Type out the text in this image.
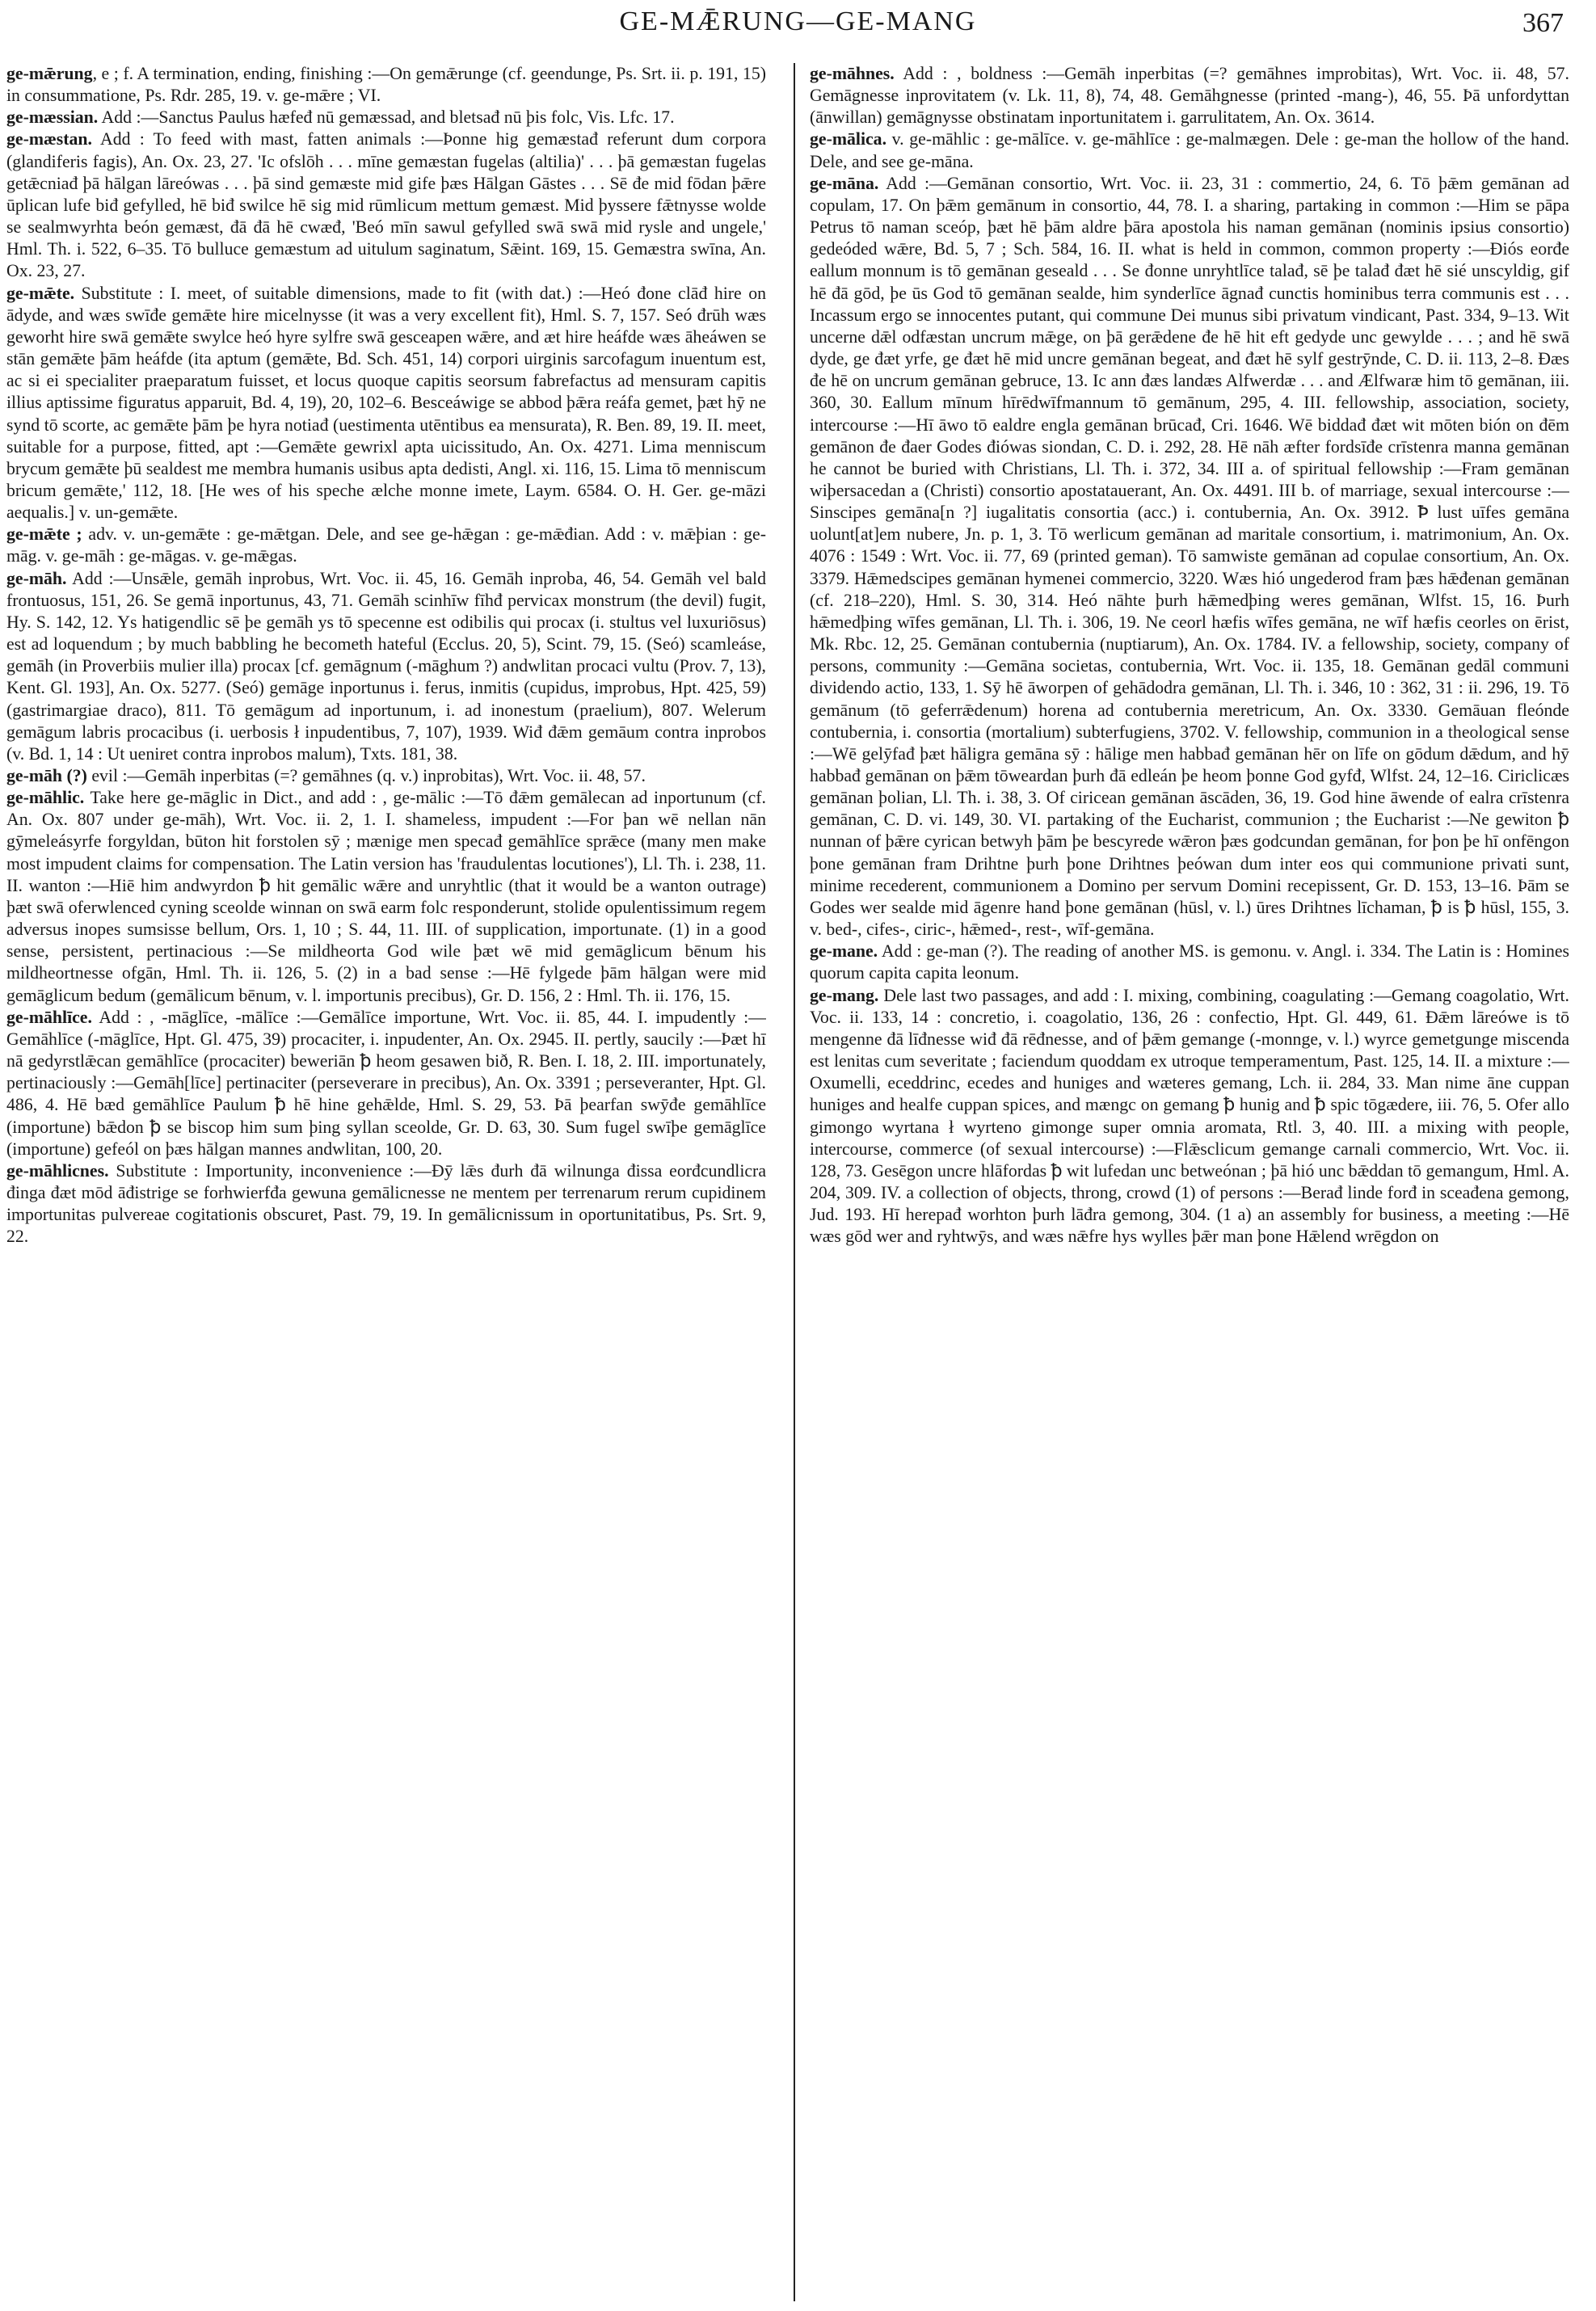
GE-MǢRUNG—GE-MANG	367

ge-mǣrung, e ; f. A termination, ending, finishing :—On gemǣrunge (cf. geendunge, Ps. Srt. ii. p. 191, 15) in consummatione, Ps. Rdr. 285, 19. v. ge-mǣre ; VI.

ge-mæssian. Add :—Sanctus Paulus hæfeđ nū gemæssad, and bletsađ nū þis folc, Vis. Lfc. 17.

ge-mæstan. Add : To feed with mast, fatten animals :—Þonne hig gemæstađ referunt dum corpora (glandiferis fagis), An. Ox. 23, 27. 'Ic ofslōh . . . mīne gemæstan fugelas (altilia)' . . . þā gemæstan fugelas getǣcniađ þā hālgan lāreówas . . . þā sind gemæste mid gife þæs Hālgan Gāstes . . . Sē đe mid fōdan þǣre ūplican lufe biđ gefylled, hē biđ swilce hē sig mid rūmlicum mettum gemæst. Mid þyssere fǣtnysse wolde se sealmwyrhta beón gemæst, đā đā hē cwæđ, 'Beó mīn sawul gefylled swā swā mid rysle and ungele,' Hml. Th. i. 522, 6–35. Tō bulluce gemæstum ad uitulum saginatum, Sǣint. 169, 15. Gemæstra swīna, An. Ox. 23, 27.

ge-mǣte. Substitute : I. meet, of suitable dimensions, made to fit (with dat.) :—Heó đone clāđ hire on ādyde, and wæs swīđe gemǣte hire micelnysse (it was a very excellent fit), Hml. S. 7, 157. Seó đrūh wæs geworht hire swā gemǣte swylce heó hyre sylfre swā gesceapen wǣre, and æt hire heáfde wæs āheáwen se stān gemǣte þām heáfde (ita aptum (gemǣte, Bd. Sch. 451, 14) corpori uirginis sarcofagum inuentum est, ac si ei specialiter praeparatum fuisset, et locus quoque capitis seorsum fabrefactus ad mensuram capitis illius aptissime figuratus apparuit, Bd. 4, 19), 20, 102–6. Besceáwige se abbod þǣra reáfa gemet, þæt hȳ ne synd tō scorte, ac gemǣte þām þe hyra notiađ (uestimenta utēntibus ea mensurata), R. Ben. 89, 19. II. meet, suitable for a purpose, fitted, apt :—Gemǣte gewrixl apta uicissitudo, An. Ox. 4271. Lima menniscum brycum gemǣte þū sealdest me membra humanis usibus apta dedisti, Angl. xi. 116, 15. Lima tō menniscum bricum gemǣte,' 112, 18. [He wes of his speche ælche monne imete, Laym. 6584. O. H. Ger. ge-māzi aequalis.] v. un-gemǣte.

ge-mǣte ; adv. v. un-gemǣte : ge-mǣtgan. Dele, and see ge-hǣgan : ge-mǣđian. Add : v. mǣþian : ge-māg. v. ge-māh : ge-māgas. v. ge-mǣgas.

ge-māh. Add :—Unsǣle, gemāh inprobus, Wrt. Voc. ii. 45, 16. Gemāh inproba, 46, 54. Gemāh vel bald frontuosus, 151, 26. Se gemā inportunus, 43, 71. Gemāh scinhīw fīhđ pervicax monstrum (the devil) fugit, Hy. S. 142, 12. Ys hatigendlic sē þe gemāh ys tō specenne est odibilis qui procax (i. stultus vel luxuriōsus) est ad loquendum ; by much babbling he becometh hateful (Ecclus. 20, 5), Scint. 79, 15. (Seó) scamleáse, gemāh (in Proverbiis mulier illa) procax [cf. gemāgnum (-māghum ?) andwlitan procaci vultu (Prov. 7, 13), Kent. Gl. 193], An. Ox. 5277. (Seó) gemāge inportunus i. ferus, inmitis (cupidus, improbus, Hpt. 425, 59) (gastrimargiae draco), 811. Tō gemāgum ad inportunum, i. ad inonestum (praelium), 807. Welerum gemāgum labris procacibus (i. uerbosis ł inpudentibus, 7, 107), 1939. Wiđ đǣm gemāum contra inprobos (v. Bd. 1, 14 : Ut ueniret contra inprobos malum), Txts. 181, 38.

ge-māh (?) evil :—Gemāh inperbitas (=? gemāhnes (q. v.) inprobitas), Wrt. Voc. ii. 48, 57.

ge-māhlic. Take here ge-māglic in Dict., and add : , ge-mālic :—Tō đǣm gemālecan ad inportunum (cf. An. Ox. 807 under ge-māh), Wrt. Voc. ii. 2, 1. I. shameless, impudent :—For þan wē nellan nān gȳmeleásyrfe forgyldan, būton hit forstolen sȳ ; mænige men specađ gemāhlīce sprǣce (many men make most impudent claims for compensation. The Latin version has 'fraudulentas locutiones'), Ll. Th. i. 238, 11. II. wanton :—Hiē him andwyrdon ꝥ hit gemālic wǣre and unryhtlic (that it would be a wanton outrage) þæt swā oferwlenced cyning sceolde winnan on swā earm folc responderunt, stolide opulentissimum regem adversus inopes sumsisse bellum, Ors. 1, 10 ; S. 44, 11. III. of supplication, importunate. (1) in a good sense, persistent, pertinacious :—Se mildheorta God wile þæt wē mid gemāglicum bēnum his mildheortnesse ofgān, Hml. Th. ii. 126, 5. (2) in a bad sense :—Hē fylgede þām hālgan were mid gemāglicum bedum (gemālicum bēnum, v. l. importunis precibus), Gr. D. 156, 2 : Hml. Th. ii. 176, 15.

ge-māhlīce. Add : , -māglīce, -mālīce :—Gemālīce importune, Wrt. Voc. ii. 85, 44. I. impudently :—Gemāhlīce (-māglīce, Hpt. Gl. 475, 39) procaciter, i. inpudenter, An. Ox. 2945. II. pertly, saucily :—Þæt hī nā gedyrstlǣcan gemāhlīce (procaciter) beweriān ꝥ heom gesawen bið, R. Ben. I. 18, 2. III. importunately, pertinaciously :—Gemāh[līce] pertinaciter (perseverare in precibus), An. Ox. 3391 ; perseveranter, Hpt. Gl. 486, 4. Hē bæd gemāhlīce Paulum ꝥ hē hine gehǣlde, Hml. S. 29, 53. Þā þearfan swȳđe gemāhlīce (importune) bǣdon ꝥ se biscop him sum þing syllan sceolde, Gr. D. 63, 30. Sum fugel swīþe gemāglīce (importune) gefeól on þæs hālgan mannes andwlitan, 100, 20.

ge-māhlicnes. Substitute : Importunity, inconvenience :—Ðȳ lǣs đurh đā wilnunga đissa eorđcundlicra đinga đæt mōd āđistrige se forhwierfđa gewuna gemālicnesse ne mentem per terrenarum rerum cupidinem importunitas pulvereae cogitationis obscuret, Past. 79, 19. In gemālicnissum in oportunitatibus, Ps. Srt. 9, 22.

ge-māhnes. Add : , boldness :—Gemāh inperbitas (=? gemāhnes improbitas), Wrt. Voc. ii. 48, 57. Gemāgnesse inprovitatem (v. Lk. 11, 8), 74, 48. Gemāhgnesse (printed -mang-), 46, 55. Þā unfordyttan (ānwillan) gemāgnysse obstinatam inportunitatem i. garrulitatem, An. Ox. 3614.

ge-mālica. v. ge-māhlic : ge-mālīce. v. ge-māhlīce : ge-malmægen. Dele : ge-man the hollow of the hand. Dele, and see ge-māna.

ge-māna. Add :—Gemānan consortio, Wrt. Voc. ii. 23, 31 : commertio, 24, 6. Tō þǣm gemānan ad copulam, 17. On þǣm gemānum in consortio, 44, 78. I. a sharing, partaking in common :—Him se pāpa Petrus tō naman sceóp, þæt hē þām aldre þāra apostola his naman gemānan (nominis ipsius consortio) gedeóded wǣre, Bd. 5, 7 ; Sch. 584, 16. II. what is held in common, common property :—Ðiós eorđe eallum monnum is tō gemānan geseald . . . Se đonne unryhtlīce talađ, sē þe talađ đæt hē sié unscyldig, gif hē đā gōd, þe ūs God tō gemānan sealde, him synderlīce āgnađ cunctis hominibus terra communis est . . . Incassum ergo se innocentes putant, qui commune Dei munus sibi privatum vindicant, Past. 334, 9–13. Wit uncerne dǣl odfæstan uncrum mǣge, on þā gerǣdene đe hē hit eft gedyde unc gewylde . . . ; and hē swā dyde, ge đæt yrfe, ge đæt hē mid uncre gemānan begeat, and đæt hē sylf gestrȳnde, C. D. ii. 113, 2–8. Ðæs đe hē on uncrum gemānan gebruce, 13. Ic ann đæs landæs Alfwerdæ . . . and Ælfwaræ him tō gemānan, iii. 360, 30. Eallum mīnum hīrēdwīfmannum tō gemānum, 295, 4. III. fellowship, association, society, intercourse :—Hī āwo tō ealdre engla gemānan brūcađ, Cri. 1646. Wē biddađ đæt wit mōten bión on đēm gemānon đe đaer Godes điówas siondan, C. D. i. 292, 28. Hē nāh æfter fordsīđe crīstenra manna gemānan he cannot be buried with Christians, Ll. Th. i. 372, 34. III a. of spiritual fellowship :—Fram gemānan wiþersacedan a (Christi) consortio apostatauerant, An. Ox. 4491. III b. of marriage, sexual intercourse :—Sinscipes gemāna[n ?] iugalitatis consortia (acc.) i. contubernia, An. Ox. 3912. Ꝥ lust uīfes gemāna uolunt[at]em nubere, Jn. p. 1, 3. Tō werlicum gemānan ad maritale consortium, i. matrimonium, An. Ox. 4076 : 1549 : Wrt. Voc. ii. 77, 69 (printed geman). Tō samwiste gemānan ad copulae consortium, An. Ox. 3379. Hǣmedscipes gemānan hymenei commercio, 3220. Wæs hió ungederod fram þæs hǣđenan gemānan (cf. 218–220), Hml. S. 30, 314. Heó nāhte þurh hǣmedþing weres gemānan, Wlfst. 15, 16. Þurh hǣmedþing wīfes gemānan, Ll. Th. i. 306, 19. Ne ceorl hæfis wīfes gemāna, ne wīf hæfis ceorles on ērist, Mk. Rbc. 12, 25. Gemānan contubernia (nuptiarum), An. Ox. 1784. IV. a fellowship, society, company of persons, community :—Gemāna societas, contubernia, Wrt. Voc. ii. 135, 18. Gemānan gedāl communi dividendo actio, 133, 1. Sȳ hē āworpen of gehādodra gemānan, Ll. Th. i. 346, 10 : 362, 31 : ii. 296, 19. Tō gemānum (tō geferrǣdenum) horena ad contubernia meretricum, An. Ox. 3330. Gemāuan fleónde contubernia, i. consortia (mortalium) subterfugiens, 3702. V. fellowship, communion in a theological sense :—Wē gelȳfađ þæt hāligra gemāna sȳ : hālige men habbađ gemānan hēr on līfe on gōdum dǣdum, and hȳ habbađ gemānan on þǣm tōweardan þurh đā edleán þe heom þonne God gyfđ, Wlfst. 24, 12–16. Ciriclicæs gemānan þolian, Ll. Th. i. 38, 3. Of ciricean gemānan āscāden, 36, 19. God hine āwende of ealra crīstenra gemānan, C. D. vi. 149, 30. VI. partaking of the Eucharist, communion ; the Eucharist :—Ne gewiton ꝥ nunnan of þǣre cyrican betwyh þām þe bescyrede wǣron þæs godcundan gemānan, for þon þe hī onfēngon þone gemānan fram Drihtne þurh þone Drihtnes þeówan dum inter eos qui communione privati sunt, minime recederent, communionem a Domino per servum Domini recepissent, Gr. D. 153, 13–16. Þām se Godes wer sealde mid āgenre hand þone gemānan (hūsl, v. l.) ūres Drihtnes līchaman, ꝥ is ꝥ hūsl, 155, 3. v. bed-, cifes-, ciric-, hǣmed-, rest-, wīf-gemāna.

ge-mane. Add : ge-man (?). The reading of another MS. is gemonu. v. Angl. i. 334. The Latin is : Homines quorum capita capita leonum.

ge-mang. Dele last two passages, and add : I. mixing, combining, coagulating :—Gemang coagolatio, Wrt. Voc. ii. 133, 14 : concretio, i. coagolatio, 136, 26 : confectio, Hpt. Gl. 449, 61. Ðǣm lāreówe is tō mengenne đā līđnesse wiđ đā rēđnesse, and of þǣm gemange (-monnge, v. l.) wyrce gemetgunge miscenda est lenitas cum severitate ; faciendum quoddam ex utroque temperamentum, Past. 125, 14. II. a mixture :—Oxumelli, eceddrinc, ecedes and huniges and wæteres gemang, Lch. ii. 284, 33. Man nime āne cuppan huniges and healfe cuppan spices, and mængc on gemang ꝥ hunig and ꝥ spic tōgædere, iii. 76, 5. Ofer allo gimongo wyrtana ł wyrteno gimonge super omnia aromata, Rtl. 3, 40. III. a mixing with people, intercourse, commerce (of sexual intercourse) :—Flǣsclicum gemange carnali commercio, Wrt. Voc. ii. 128, 73. Gesēgon uncre hlāfordas ꝥ wit lufedan unc betweónan ; þā hió unc bǣddan tō gemangum, Hml. A. 204, 309. IV. a collection of objects, throng, crowd (1) of persons :—Berađ linde forđ in sceađena gemong, Jud. 193. Hī herepađ worhton þurh lāđra gemong, 304. (1 a) an assembly for business, a meeting :—Hē wæs gōd wer and ryhtwȳs, and wæs nǣfre hys wylles þǣr man þone Hǣlend wrēgdon on
